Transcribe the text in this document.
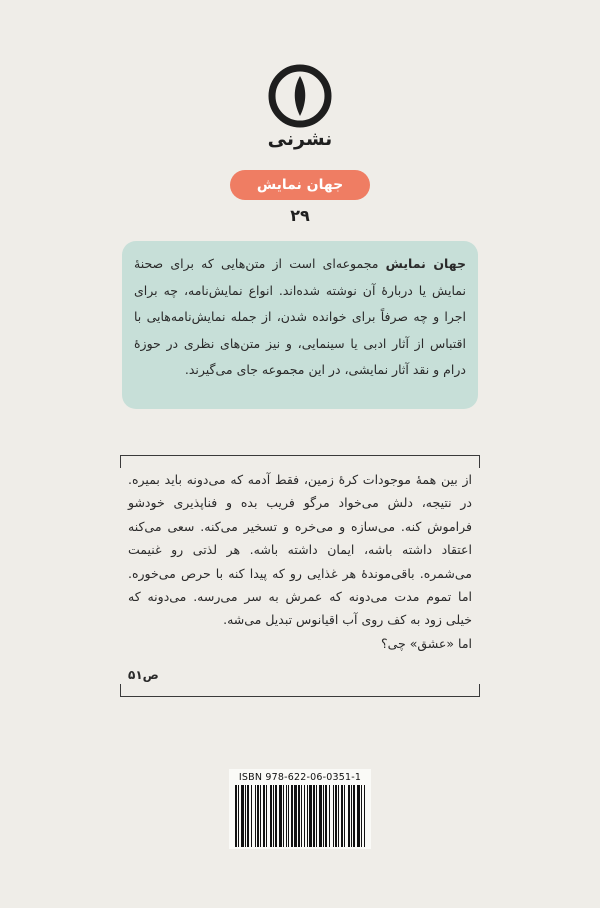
نشرنی
جهان نمایش
۲۹
جهان نمایش مجموعه‌ای است از متن‌هایی که برای صحنهٔ نمایش یا دربارهٔ آن نوشته شده‌اند. انواع نمایش‌نامه، چه برای اجرا و چه صرفاً برای خوانده شدن، از جمله نمایش‌نامه‌هایی با اقتباس از آثار ادبی یا سینمایی، و نیز متن‌های نظری در حوزهٔ درام و نقد آثار نمایشی، در این مجموعه جای می‌گیرند.

از بین همهٔ موجودات کرهٔ زمین، فقط آدمه که می‌دونه باید بمیره. در نتیجه، دلش می‌خواد مرگو فریب بده و فناپذیری خودشو فراموش کنه. می‌سازه و می‌خره و تسخیر می‌کنه. سعی می‌کنه اعتقاد داشته باشه، ایمان داشته باشه. هر لذتی رو غنیمت می‌شمره. باقی‌موندهٔ هر غذایی رو که پیدا کنه با حرص می‌خوره. اما تموم مدت می‌دونه که عمرش به سر می‌رسه. می‌دونه که خیلی زود به کف روی آب اقیانوس تبدیل می‌شه.

اما «عشق» چی؟

ص۵۱
ISBN 978-622-06-0351-1
